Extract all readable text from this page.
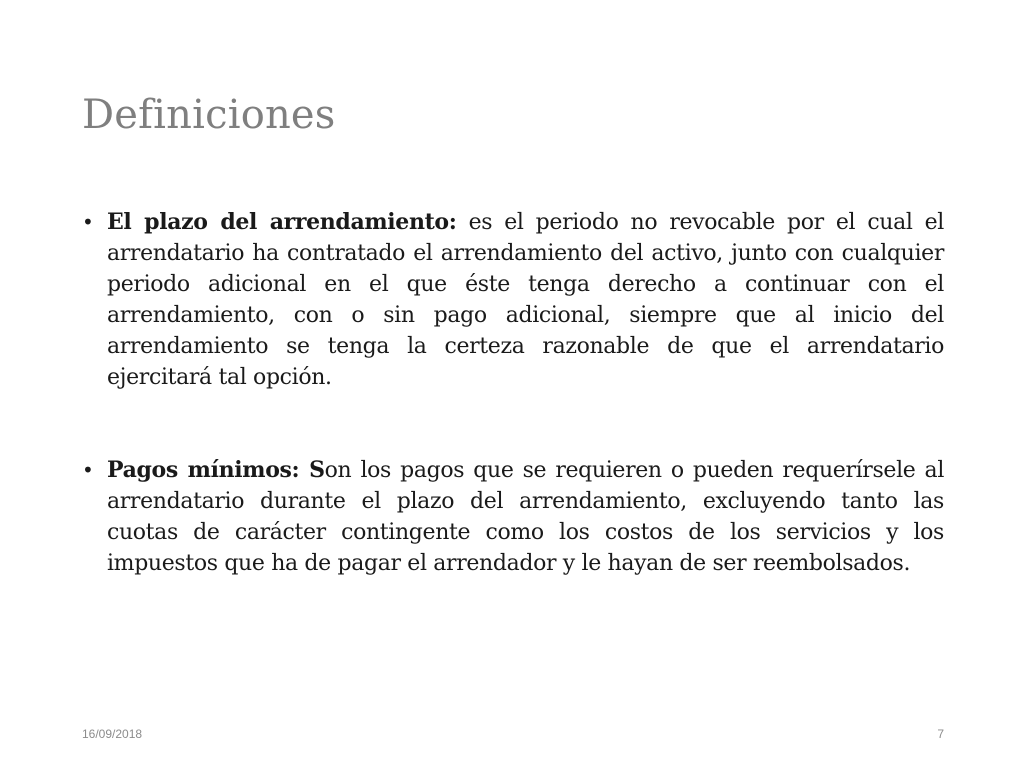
Definiciones
• El plazo del arrendamiento: es el periodo no revocable por el cual el arrendatario ha contratado el arrendamiento del activo, junto con cualquier periodo adicional en el que éste tenga derecho a continuar con el arrendamiento, con o sin pago adicional, siempre que al inicio del arrendamiento se tenga la certeza razonable de que el arrendatario ejercitará tal opción.
• Pagos mínimos: Son los pagos que se requieren o pueden requerírsele al arrendatario durante el plazo del arrendamiento, excluyendo tanto las cuotas de carácter contingente como los costos de los servicios y los impuestos que ha de pagar el arrendador y le hayan de ser reembolsados.
16/09/2018	7
